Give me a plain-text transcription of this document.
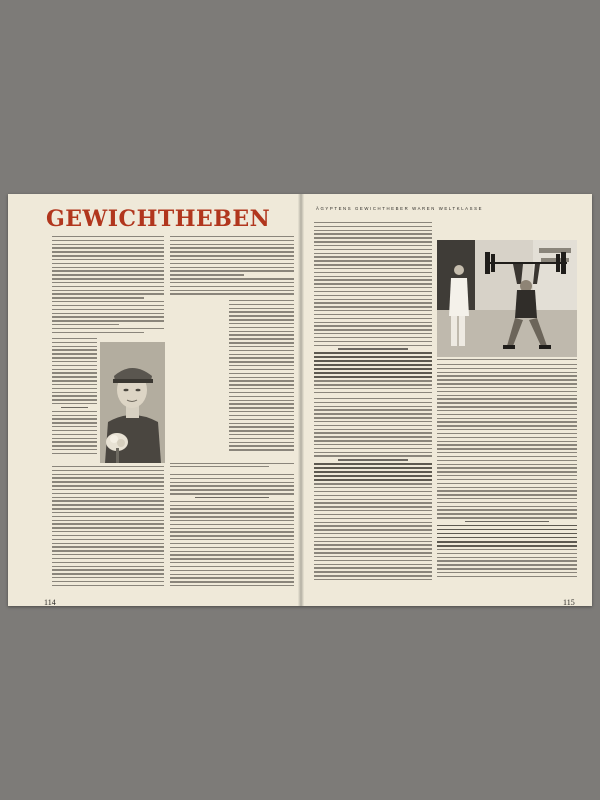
GEWICHTHEBEN	ÄGYPTENS GEWICHTHEBER WAREN WELTKLASSE
114	115
